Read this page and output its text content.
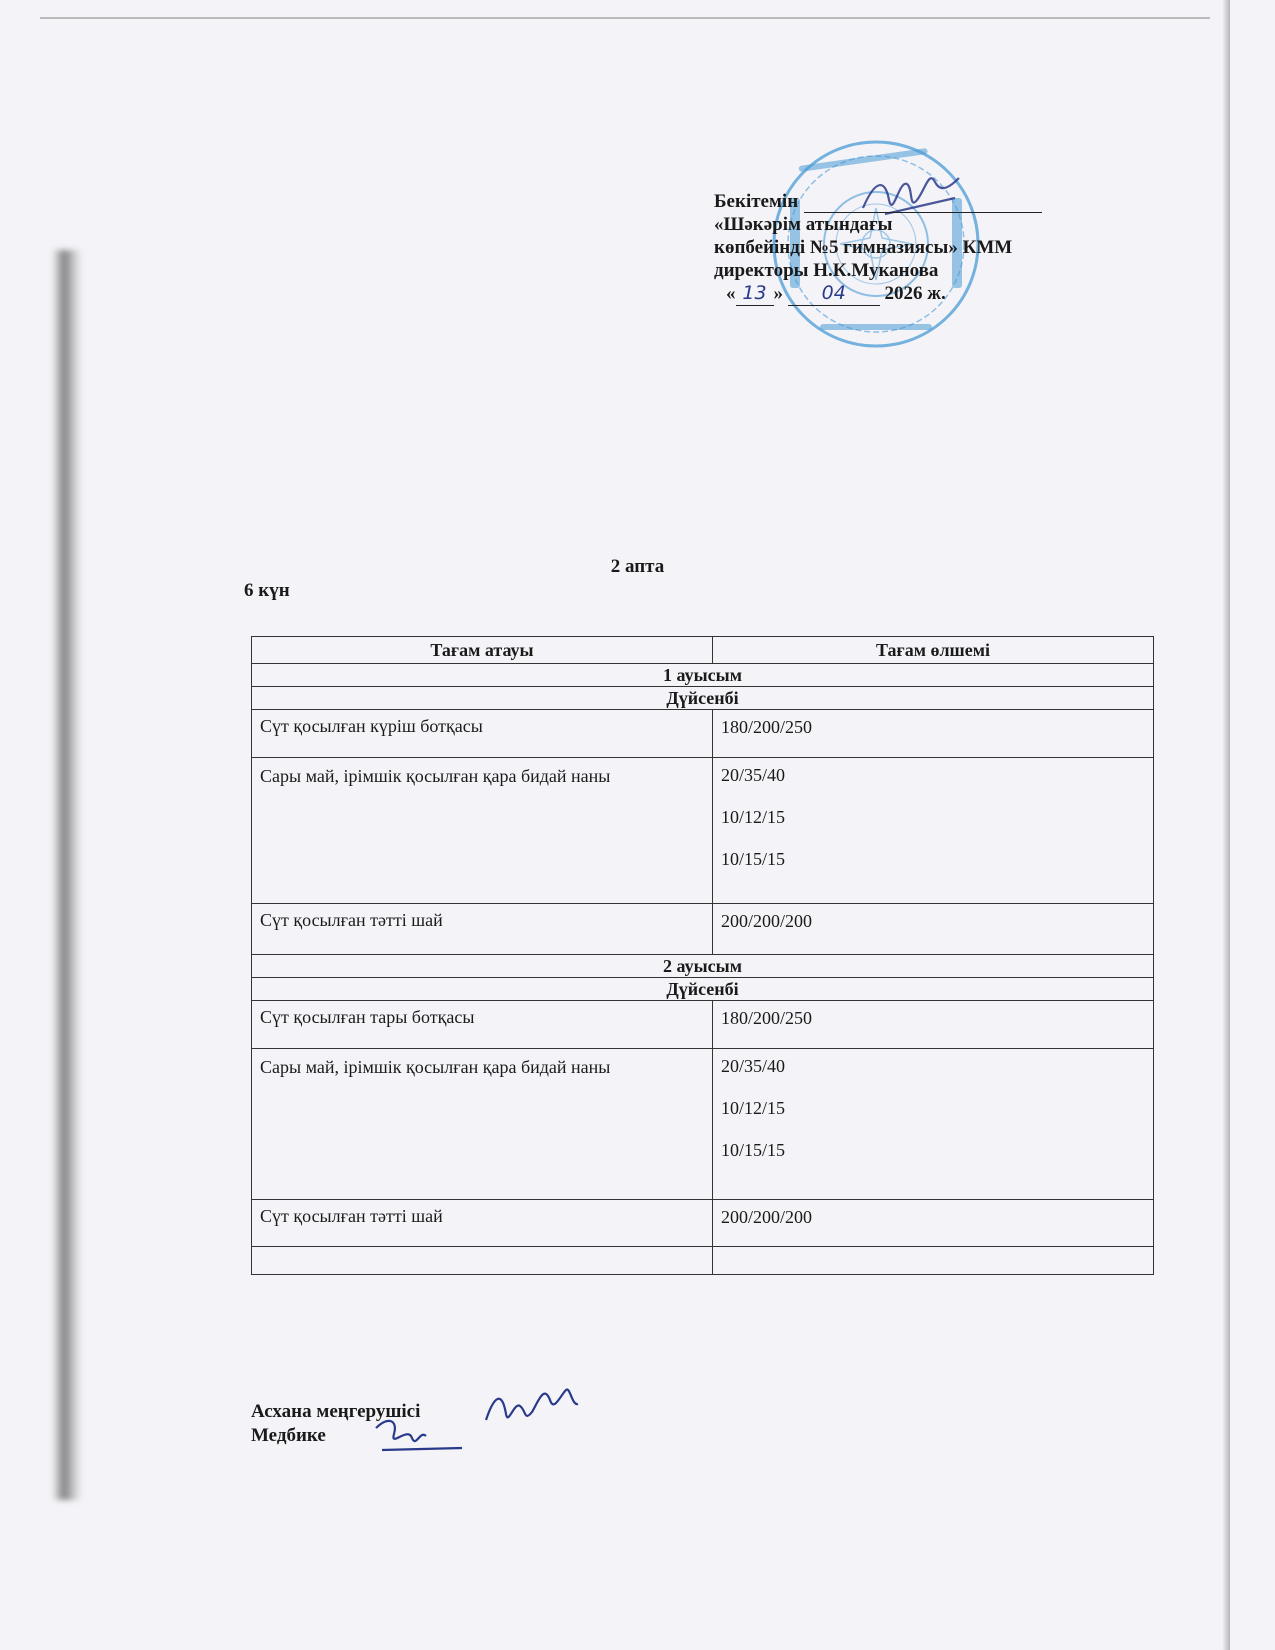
Бекітемін
«Шәкәрім атындағы
көпбейінді №5 гимназиясы» КММ
директоры Н.К.Муканова
« 13 » 04 2026 ж.
2 апта
6 күн
Тағам атауы	Тағам өлшемі
1 ауысым	
Дүйсенбі	
Сүт қосылған күріш ботқасы	180/200/250

Сары май, ірімшік қосылған қара бидай наны	20/35/40
10/12/15
10/15/15

Сүт қосылған тәтті шай	200/200/200

2 ауысым	
Дүйсенбі	
Сүт қосылған тары ботқасы	180/200/250

Сары май, ірімшік қосылған қара бидай наны	20/35/40
10/12/15
10/15/15

Сүт қосылған тәтті шай	200/200/200

Асхана меңгерушісі
Медбике
